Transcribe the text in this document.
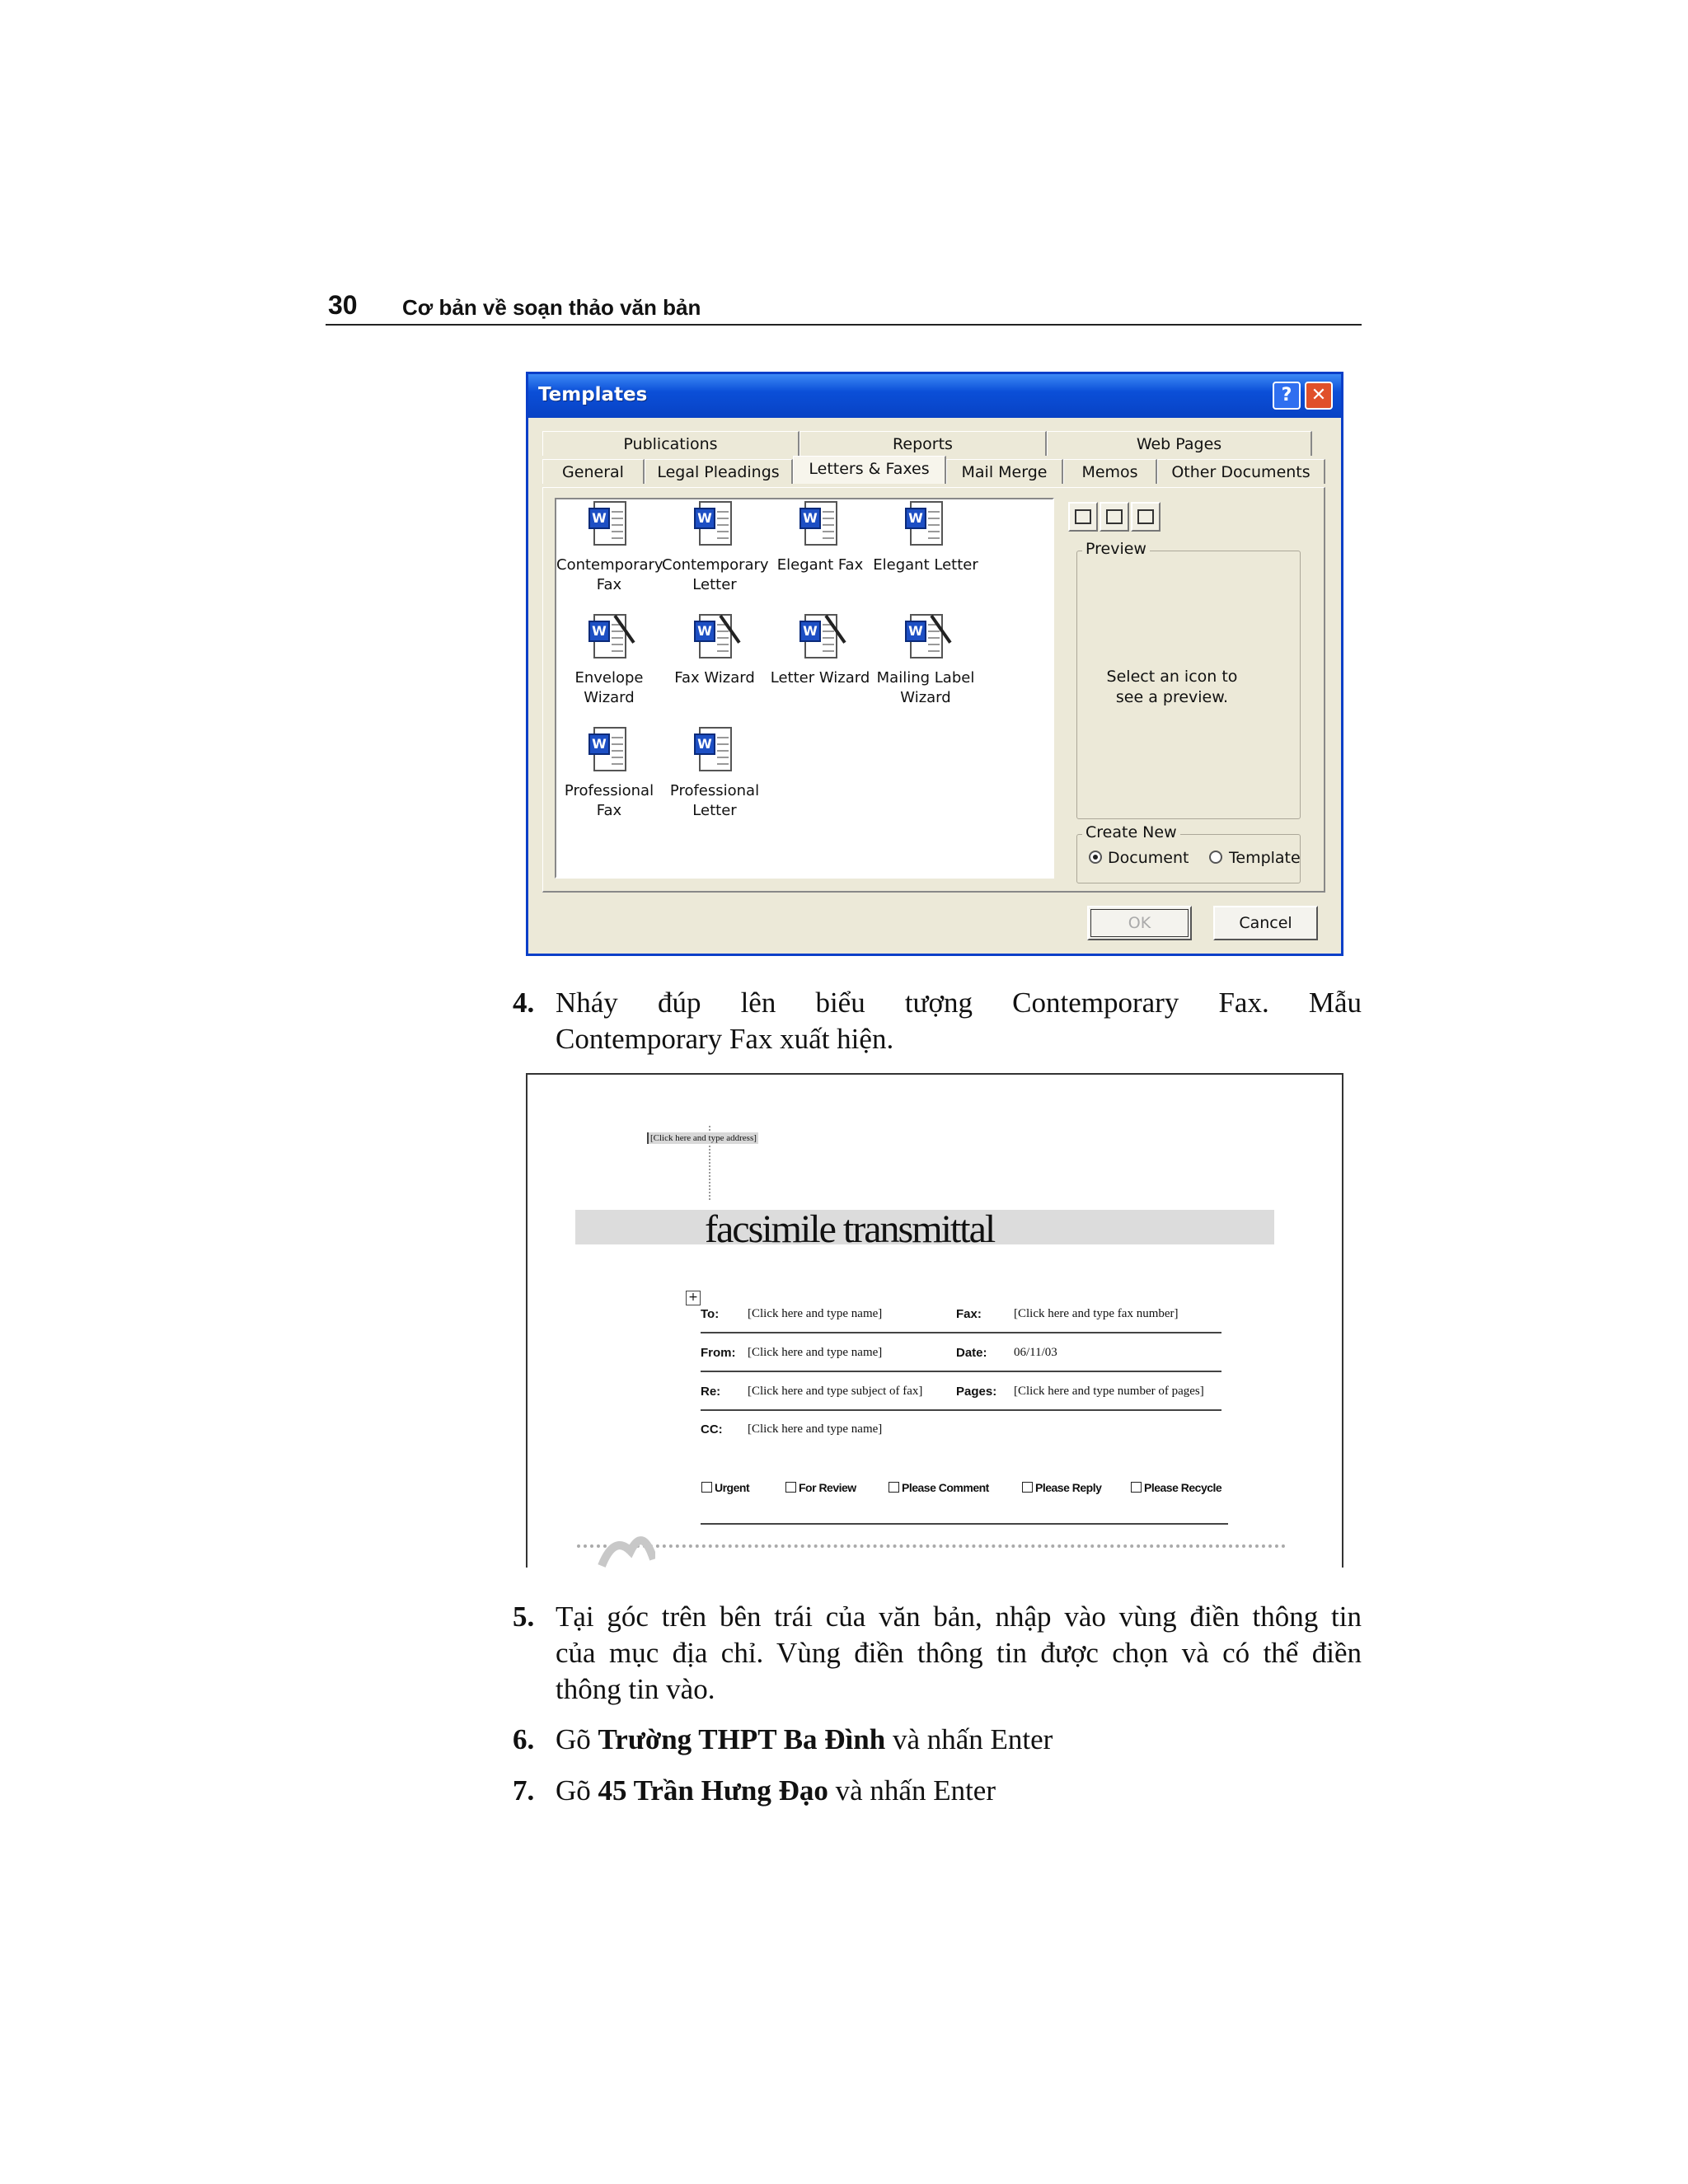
30 Cơ bản về soạn thảo văn bản
Templates	?	✕
Publications	Reports	Web Pages
General	Legal Pleadings	Letters & Faxes	Mail Merge	Memos	Other Documents
W
Contemporary
Fax
W
Contemporary
Letter
W
Elegant Fax
W
Elegant Letter
W
Envelope
Wizard
W
Fax Wizard
W
Letter Wizard
W
Mailing Label
Wizard
W
Professional
Fax
W
Professional
Letter
Preview
Select an icon to
see a preview.
Create New
Document	Template
OK	Cancel
4. Nháy đúp lên biểu tượng Contemporary Fax. Mẫu
Contemporary Fax xuất hiện.
[Click here and type address]
facsimile transmittal
+
To: [Click here and type name]	Fax:	[Click here and type fax number]
From: [Click here and type name]	Date: 06/11/03
Re: [Click here and type subject of fax]	Pages: [Click here and type number of pages]
CC: [Click here and type name]
Urgent	For Review	Please Comment	Please Reply	Please Recycle
5. Tại góc trên bên trái của văn bản, nhập vào vùng điền thông tin
của mục địa chỉ. Vùng điền thông tin được chọn và có thể điền
thông tin vào.
6. Gõ Trường THPT Ba Đình và nhấn Enter
7. Gõ 45 Trần Hưng Đạo và nhấn Enter
